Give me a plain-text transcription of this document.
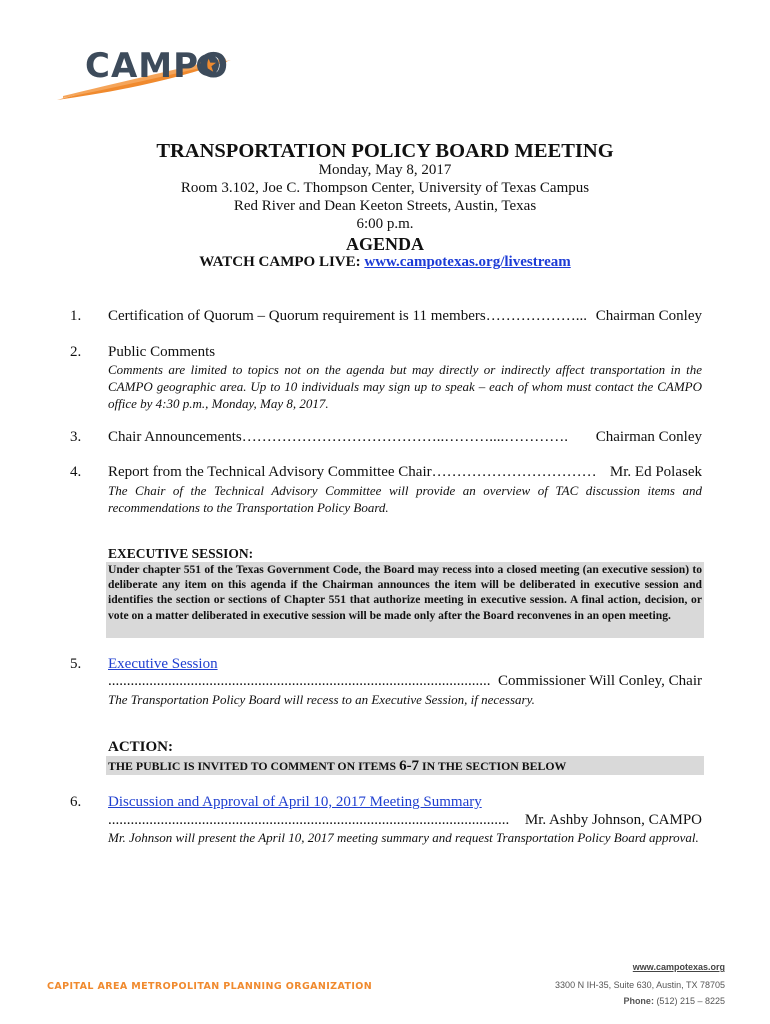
CAMPO
TRANSPORTATION POLICY BOARD MEETING
Monday, May 8, 2017
Room 3.102, Joe C. Thompson Center, University of Texas Campus
Red River and Dean Keeton Streets, Austin, Texas
6:00 p.m.
AGENDA
WATCH CAMPO LIVE: www.campotexas.org/livestream
1. Certification of Quorum – Quorum requirement is 11 members ………………... Chairman Conley
2. Public Comments
Comments are limited to topics not on the agenda but may directly or indirectly affect transportation in the CAMPO geographic area. Up to 10 individuals may sign up to speak – each of whom must contact the CAMPO office by 4:30 p.m., Monday, May 8, 2017.
3. Chair Announcements …………………………………..………....………….	Chairman Conley
4. Report from the Technical Advisory Committee Chair …………………………… Mr. Ed Polasek
The Chair of the Technical Advisory Committee will provide an overview of TAC discussion items and recommendations to the Transportation Policy Board.
EXECUTIVE SESSION:
Under chapter 551 of the Texas Government Code, the Board may recess into a closed meeting (an executive session) to deliberate any item on this agenda if the Chairman announces the item will be deliberated in executive session and identifies the section or sections of Chapter 551 that authorize meeting in executive session. A final action, decision, or vote on a matter deliberated in executive session will be made only after the Board reconvenes in an open meeting.
5. Executive Session
...................................................................................................... Commissioner Will Conley, Chair
The Transportation Policy Board will recess to an Executive Session, if necessary.
ACTION:
THE PUBLIC IS INVITED TO COMMENT ON ITEMS 6-7 IN THE SECTION BELOW
6. Discussion and Approval of April 10, 2017 Meeting Summary
...........................................................................................................	Mr. Ashby Johnson, CAMPO
Mr. Johnson will present the April 10, 2017 meeting summary and request Transportation Policy Board approval.
CAPITAL AREA METROPOLITAN PLANNING ORGANIZATION
www.campotexas.org
3300 N IH-35, Suite 630, Austin, TX 78705
Phone: (512) 215 – 8225
